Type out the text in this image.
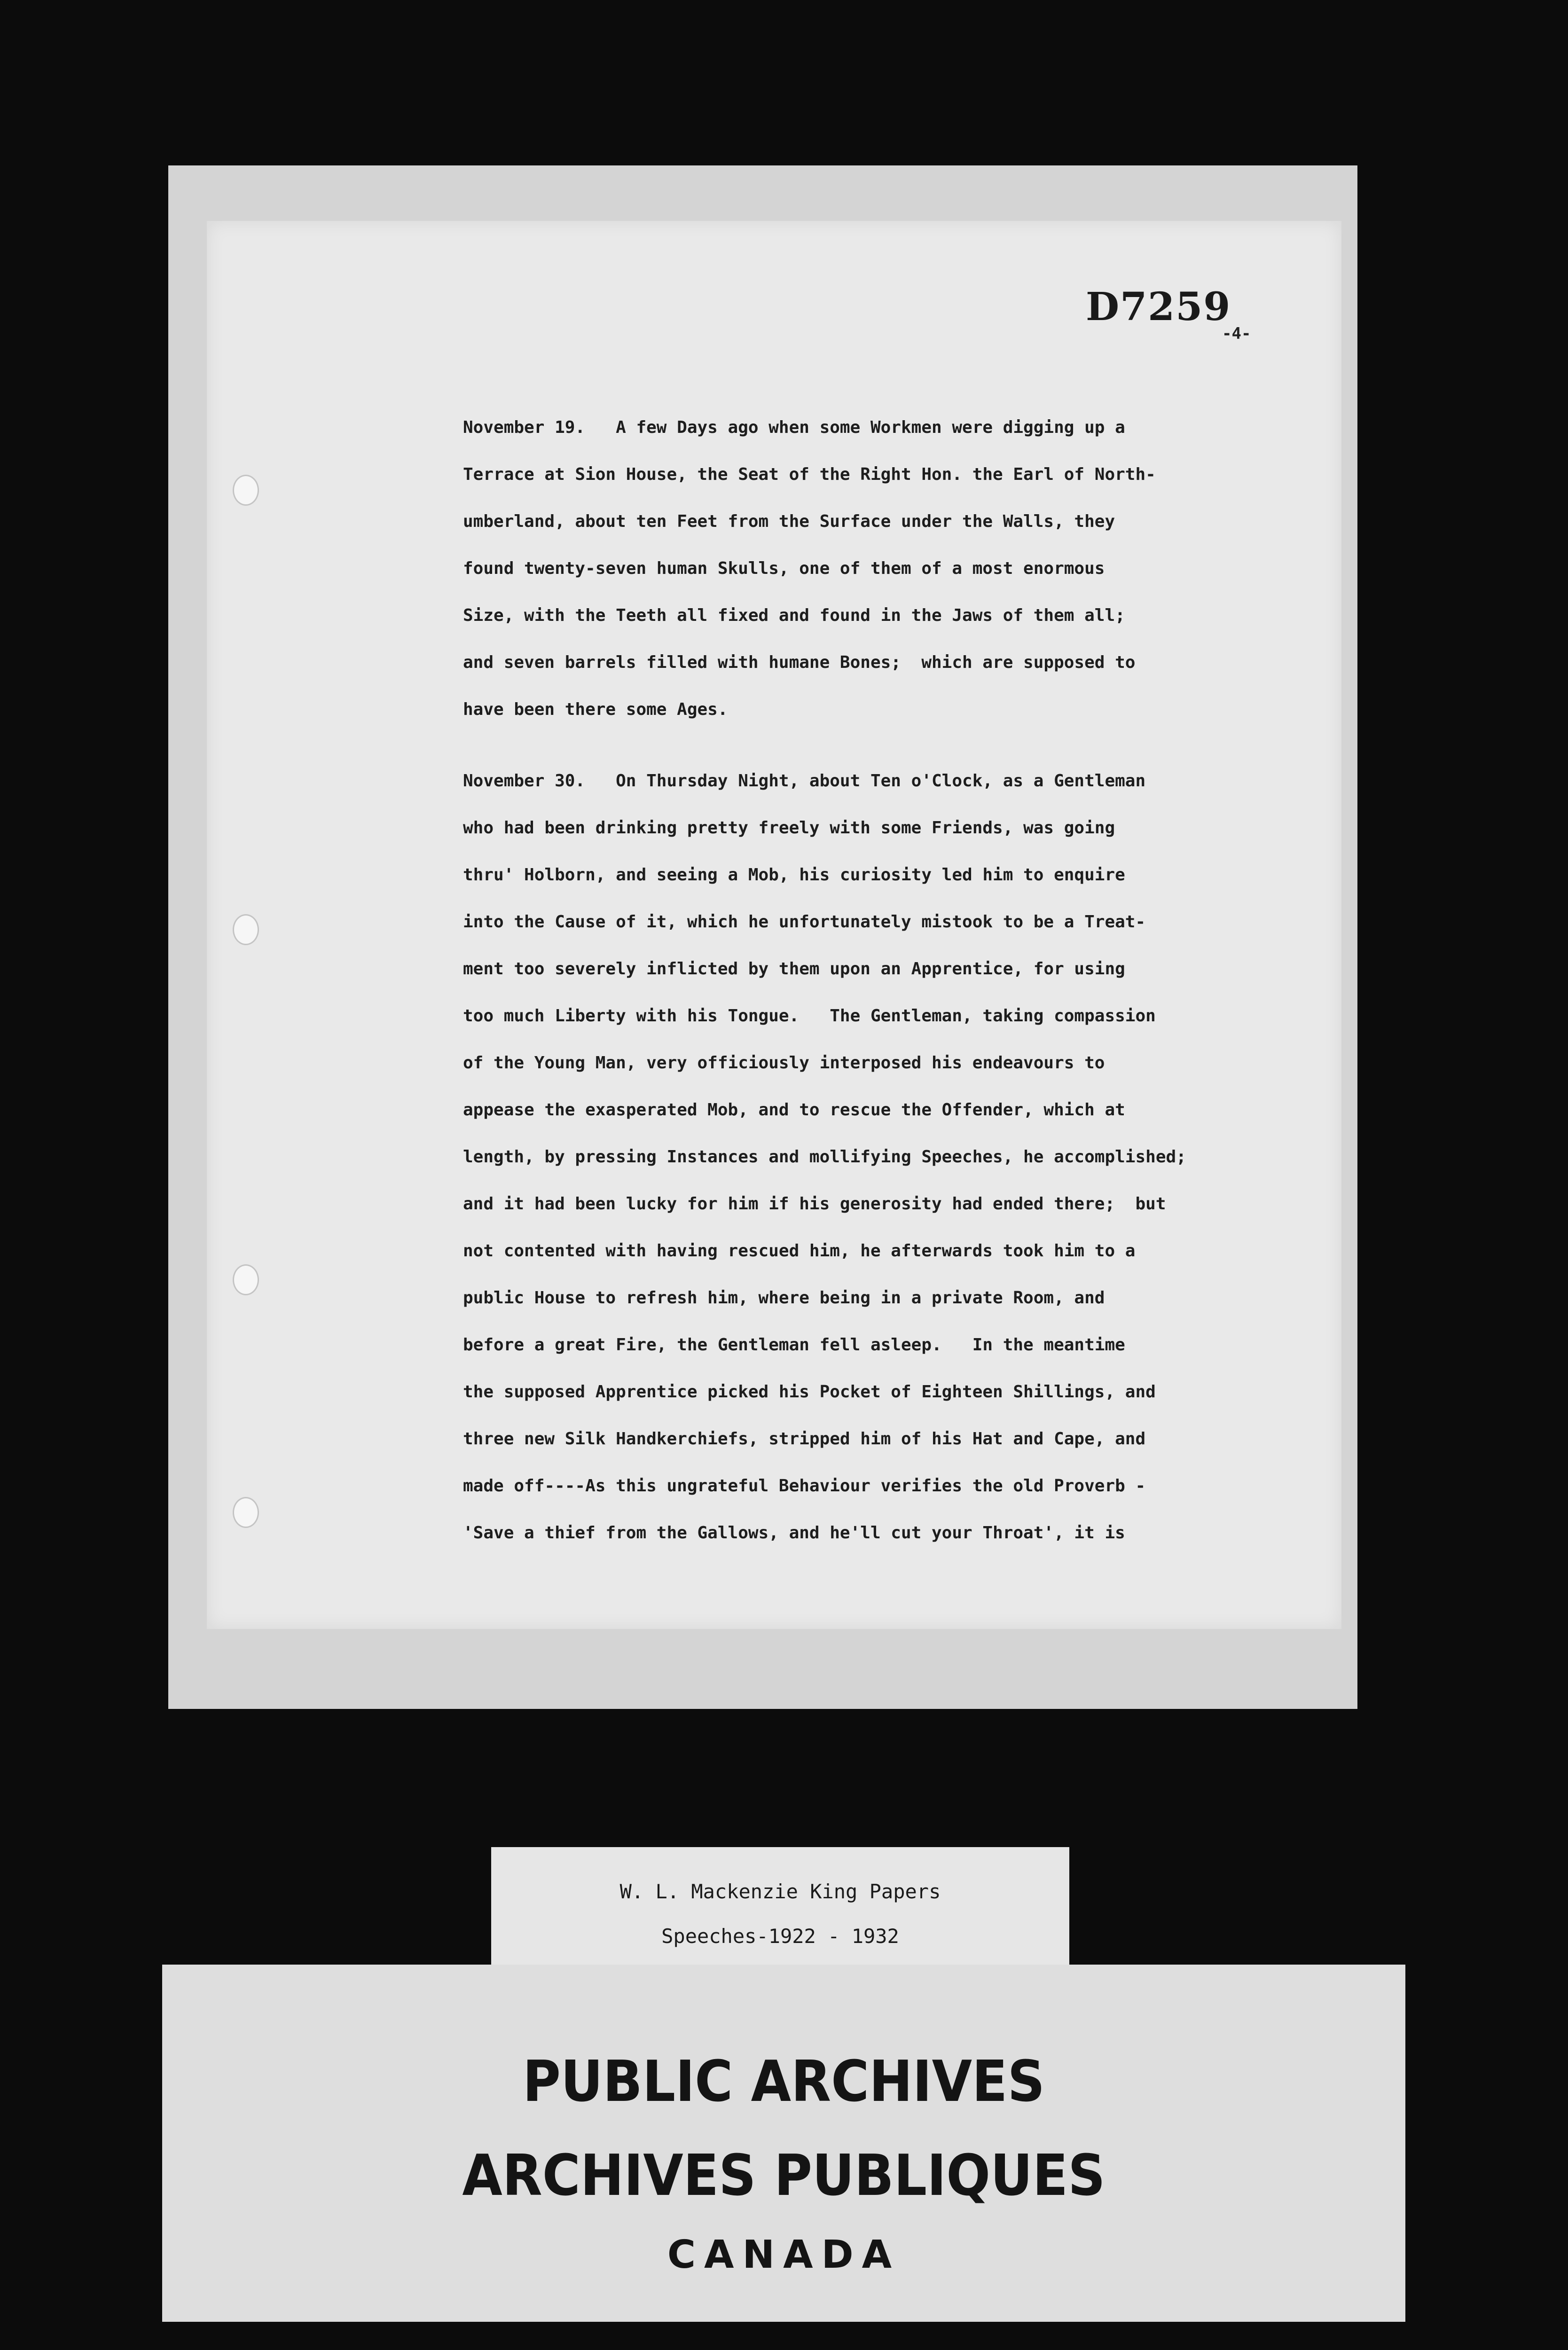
D7259
-4-
November 19.   A few Days ago when some Workmen were digging up a
Terrace at Sion House, the Seat of the Right Hon. the Earl of North-
umberland, about ten Feet from the Surface under the Walls, they
found twenty-seven human Skulls, one of them of a most enormous
Size, with the Teeth all fixed and found in the Jaws of them all;
and seven barrels filled with humane Bones;  which are supposed to
have been there some Ages.
November 30.   On Thursday Night, about Ten o'Clock, as a Gentleman
who had been drinking pretty freely with some Friends, was going
thru' Holborn, and seeing a Mob, his curiosity led him to enquire
into the Cause of it, which he unfortunately mistook to be a Treat-
ment too severely inflicted by them upon an Apprentice, for using
too much Liberty with his Tongue.   The Gentleman, taking compassion
of the Young Man, very officiously interposed his endeavours to
appease the exasperated Mob, and to rescue the Offender, which at
length, by pressing Instances and mollifying Speeches, he accomplished;
and it had been lucky for him if his generosity had ended there;  but
not contented with having rescued him, he afterwards took him to a
public House to refresh him, where being in a private Room, and
before a great Fire, the Gentleman fell asleep.   In the meantime
the supposed Apprentice picked his Pocket of Eighteen Shillings, and
three new Silk Handkerchiefs, stripped him of his Hat and Cape, and
made off----As this ungrateful Behaviour verifies the old Proverb -
'Save a thief from the Gallows, and he'll cut your Throat', it is
W. L. Mackenzie King Papers
Speeches-1922 - 1932
PUBLIC ARCHIVES
ARCHIVES PUBLIQUES
CANADA
